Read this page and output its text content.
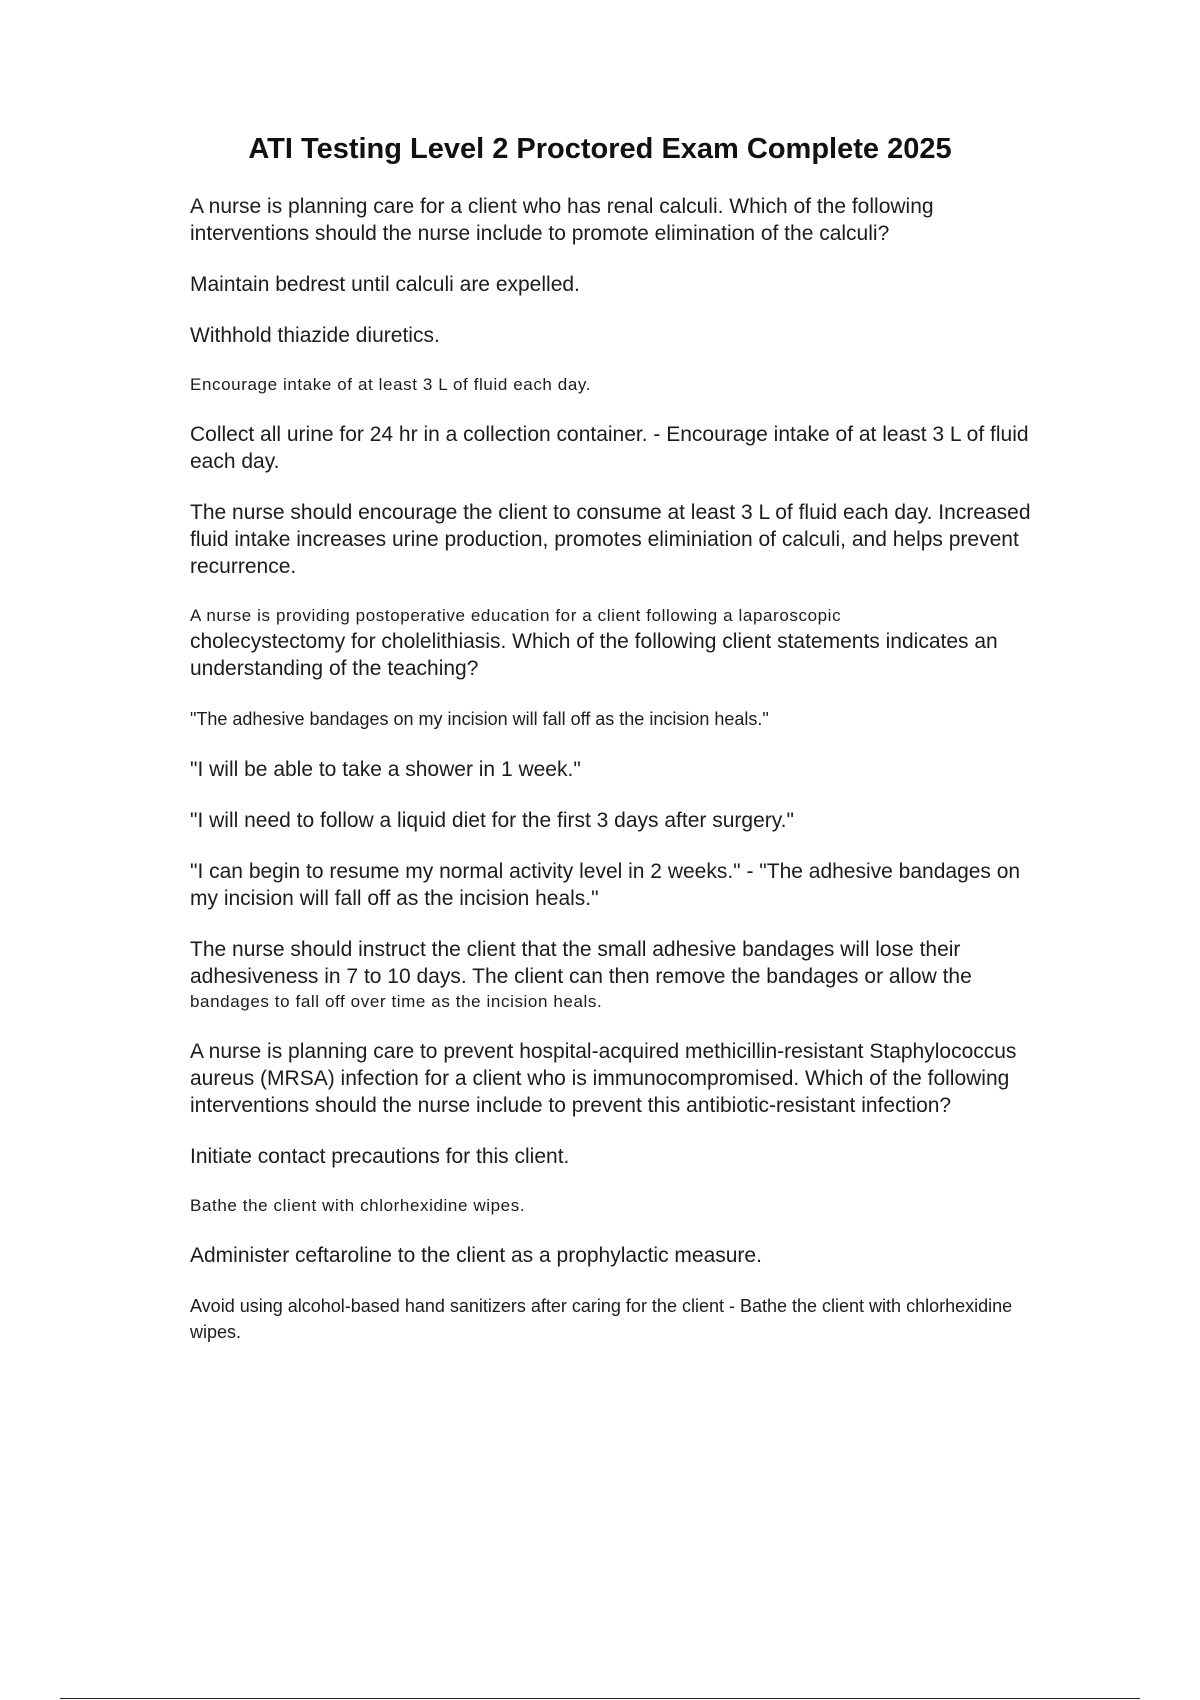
ATI Testing Level 2 Proctored Exam Complete 2025

A nurse is planning care for a client who has renal calculi. Which of the following interventions should the nurse include to promote elimination of the calculi?

Maintain bedrest until calculi are expelled.

Withhold thiazide diuretics.

Encourage intake of at least 3 L of fluid each day.

Collect all urine for 24 hr in a collection container. - Encourage intake of at least 3 L of fluid each day.

The nurse should encourage the client to consume at least 3 L of fluid each day. Increased fluid intake increases urine production, promotes eliminiation of calculi, and helps prevent recurrence.

A nurse is providing postoperative education for a client following a laparoscopic
cholecystectomy for cholelithiasis. Which of the following client statements indicates an understanding of the teaching?

"The adhesive bandages on my incision will fall off as the incision heals."

"I will be able to take a shower in 1 week."

"I will need to follow a liquid diet for the first 3 days after surgery."

"I can begin to resume my normal activity level in 2 weeks." - "The adhesive bandages on my incision will fall off as the incision heals."

The nurse should instruct the client that the small adhesive bandages will lose their adhesiveness in 7 to 10 days. The client can then remove the bandages or allow the
bandages to fall off over time as the incision heals.

A nurse is planning care to prevent hospital-acquired methicillin-resistant Staphylococcus aureus (MRSA) infection for a client who is immunocompromised. Which of the following interventions should the nurse include to prevent this antibiotic-resistant infection?

Initiate contact precautions for this client.

Bathe the client with chlorhexidine wipes.

Administer ceftaroline to the client as a prophylactic measure.

Avoid using alcohol-based hand sanitizers after caring for the client - Bathe the client with chlorhexidine wipes.
